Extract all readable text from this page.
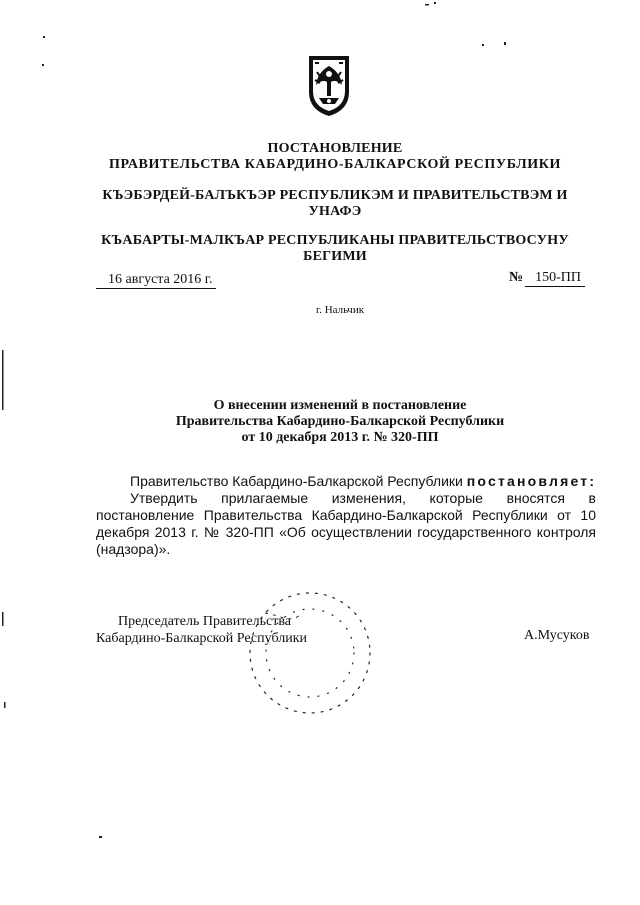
ПОСТАНОВЛЕНИЕ
ПРАВИТЕЛЬСТВА КАБАРДИНО-БАЛКАРСКОЙ РЕСПУБЛИКИ
КЪЭБЭРДЕЙ-БАЛЪКЪЭР РЕСПУБЛИКЭМ И ПРАВИТЕЛЬСТВЭМ И
УНАФЭ
КЪАБАРТЫ-МАЛКЪАР РЕСПУБЛИКАНЫ ПРАВИТЕЛЬСТВОСУНУ
БЕГИМИ
16 августа 2016 г.	№ 150-ПП
г. Нальчик
О внесении изменений в постановление
Правительства Кабардино-Балкарской Республики
от 10 декабря 2013 г. № 320-ПП
Правительство Кабардино-Балкарской Республики постановляет:
Утвердить прилагаемые изменения, которые вносятся в постановление Правительства Кабардино-Балкарской Республики от 10 декабря 2013 г. № 320-ПП «Об осуществлении государственного контроля (надзора)».
Председатель Правительства
Кабардино-Балкарской Республики	А.Мусуков
